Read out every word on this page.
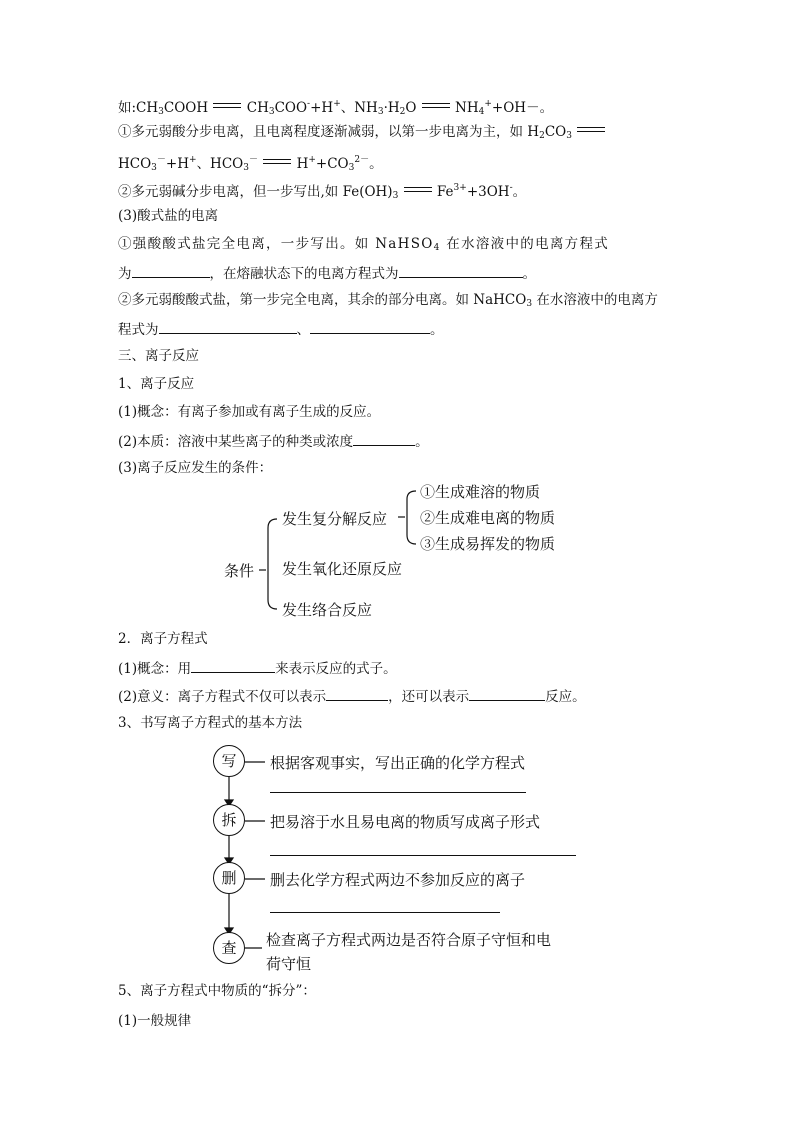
如$:CH_3COOH$	$CH_3COO^-+H^+$、$NH_3\cdot H_2O$	$NH_4^++OH-$。
①多元弱酸分步电离，且电离程度逐渐减弱，以第一步电离为主，如 $H_2CO_3$
$HCO_3^-+H^+$、$HCO_3^-$	$H^++CO_3^{2-}$。
②多元弱碱分步电离，但一步写出,如 $Fe(OH)_3$	$Fe^{3+}+3OH^-$。
(3)酸式盐的电离
①强酸酸式盐完全电离，一步写出。如 NaHSO$_4$ 在水溶液中的电离方程式
为	，在熔融状态下的电离方程式为	。
②多元弱酸酸式盐，第一步完全电离，其余的部分电离。如 NaHCO$_3$ 在水溶液中的电离方
程式为	、	。
三、离子反应
1、离子反应
(1)概念：有离子参加或有离子生成的反应。
(2)本质：溶液中某些离子的种类或浓度	。
(3)离子反应发生的条件：
条件
发生复分解反应
①生成难溶的物质
②生成难电离的物质
③生成易挥发的物质
发生氧化还原反应
发生络合反应
2．离子方程式
(1)概念：用	来表示反应的式子。
(2)意义：离子方程式不仅可以表示	，还可以表示	反应。
3、书写离子方程式的基本方法
写
拆
删
查
根据客观事实，写出正确的化学方程式
把易溶于水且易电离的物质写成离子形式
删去化学方程式两边不参加反应的离子
检查离子方程式两边是否符合原子守恒和电
荷守恒
5、离子方程式中物质的“拆分”：
(1)一般规律
